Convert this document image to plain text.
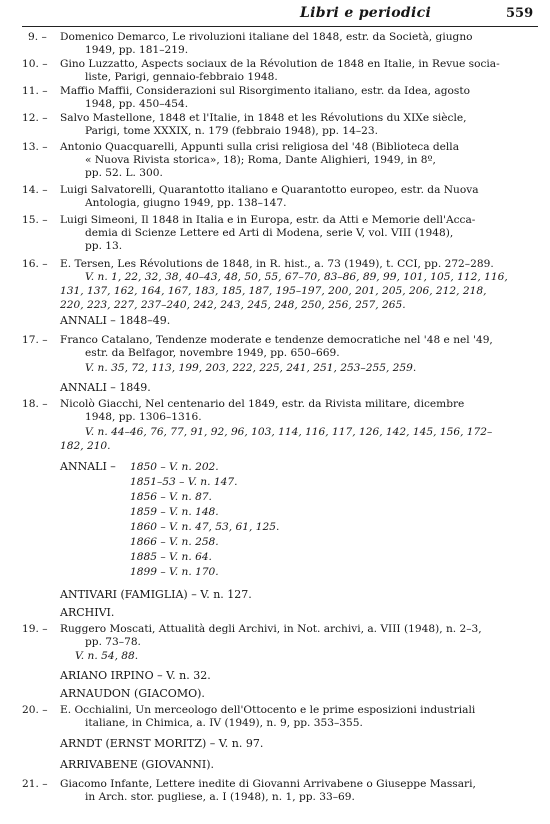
Libri e periodici	559
9. – Domenico Demarco, Le rivoluzioni italiane del 1848, estr. da Società, giugno
1949, pp. 181–219.
10. – Gino Luzzatto, Aspects sociaux de la Révolution de 1848 en Italie, in Revue socia-
liste, Parigi, gennaio-febbraio 1948.
11. – Maffio Maffii, Considerazioni sul Risorgimento italiano, estr. da Idea, agosto
1948, pp. 450–454.
12. – Salvo Mastellone, 1848 et l'Italie, in 1848 et les Révolutions du XIXe siècle,
Parigi, tome XXXIX, n. 179 (febbraio 1948), pp. 14–23.
13. – Antonio Quacquarelli, Appunti sulla crisi religiosa del '48 (Biblioteca della
« Nuova Rivista storica», 18); Roma, Dante Alighieri, 1949, in 8º,
pp. 52. L. 300.
14. – Luigi Salvatorelli, Quarantotto italiano e Quarantotto europeo, estr. da Nuova
Antologia, giugno 1949, pp. 138–147.
15. – Luigi Simeoni, Il 1848 in Italia e in Europa, estr. da Atti e Memorie dell'Acca-
demia di Scienze Lettere ed Arti di Modena, serie V, vol. VIII (1948),
pp. 13.
16. – E. Tersen, Les Révolutions de 1848, in R. hist., a. 73 (1949), t. CCI, pp. 272–289.
V. n. 1, 22, 32, 38, 40–43, 48, 50, 55, 67–70, 83–86, 89, 99, 101, 105, 112, 116,
131, 137, 162, 164, 167, 183, 185, 187, 195–197, 200, 201, 205, 206, 212, 218,
220, 223, 227, 237–240, 242, 243, 245, 248, 250, 256, 257, 265.
ANNALI – 1848–49.
17. – Franco Catalano, Tendenze moderate e tendenze democratiche nel '48 e nel '49,
estr. da Belfagor, novembre 1949, pp. 650–669.
V. n. 35, 72, 113, 199, 203, 222, 225, 241, 251, 253–255, 259.
ANNALI – 1849.
18. – Nicolò Giacchi, Nel centenario del 1849, estr. da Rivista militare, dicembre
1948, pp. 1306–1316.
V. n. 44–46, 76, 77, 91, 92, 96, 103, 114, 116, 117, 126, 142, 145, 156, 172–
182, 210.
ANNALI – 1850 – V. n. 202.
1851–53 – V. n. 147.
1856 – V. n. 87.
1859 – V. n. 148.
1860 – V. n. 47, 53, 61, 125.
1866 – V. n. 258.
1885 – V. n. 64.
1899 – V. n. 170.
ANTIVARI (FAMIGLIA) – V. n. 127.
ARCHIVI.
19. – Ruggero Moscati, Attualità degli Archivi, in Not. archivi, a. VIII (1948), n. 2–3,
pp. 73–78.
V. n. 54, 88.
ARIANO IRPINO – V. n. 32.
ARNAUDON (GIACOMO).
20. – E. Occhialini, Un merceologo dell'Ottocento e le prime esposizioni industriali
italiane, in Chimica, a. IV (1949), n. 9, pp. 353–355.
ARNDT (ERNST MORITZ) – V. n. 97.
ARRIVABENE (GIOVANNI).
21. – Giacomo Infante, Lettere inedite di Giovanni Arrivabene o Giuseppe Massari,
in Arch. stor. pugliese, a. I (1948), n. 1, pp. 33–69.
